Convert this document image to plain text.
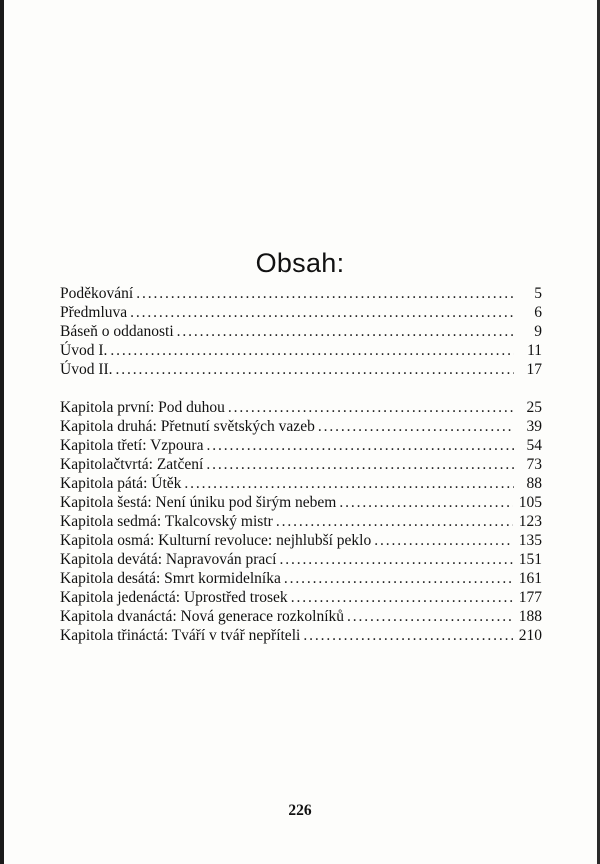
Obsah:
Poděkování . . .	5
Předmluva . . .	6
Báseň o oddanosti . . .	9
Úvod I. . . .	11
Úvod II. . . .	17
Kapitola první: Pod duhou . . .	25
Kapitola druhá: Přetnutí světských vazeb . . .	39
Kapitola třetí: Vzpoura . . .	54
Kapitolačtvrtá: Zatčení . . .	73
Kapitola pátá: Útěk . . .	88
Kapitola šestá: Není úniku pod širým nebem . . .	105
Kapitola sedmá: Tkalcovský mistr . . .	123
Kapitola osmá: Kulturní revoluce: nejhlubší peklo . . .	135
Kapitola devátá: Napravován prací . . .	151
Kapitola desátá: Smrt kormidelníka . . .	161
Kapitola jedenáctá: Uprostřed trosek . . .	177
Kapitola dvanáctá: Nová generace rozkolníků . . .	188
Kapitola třináctá: Tváří v tvář nepříteli . . .	210
226
